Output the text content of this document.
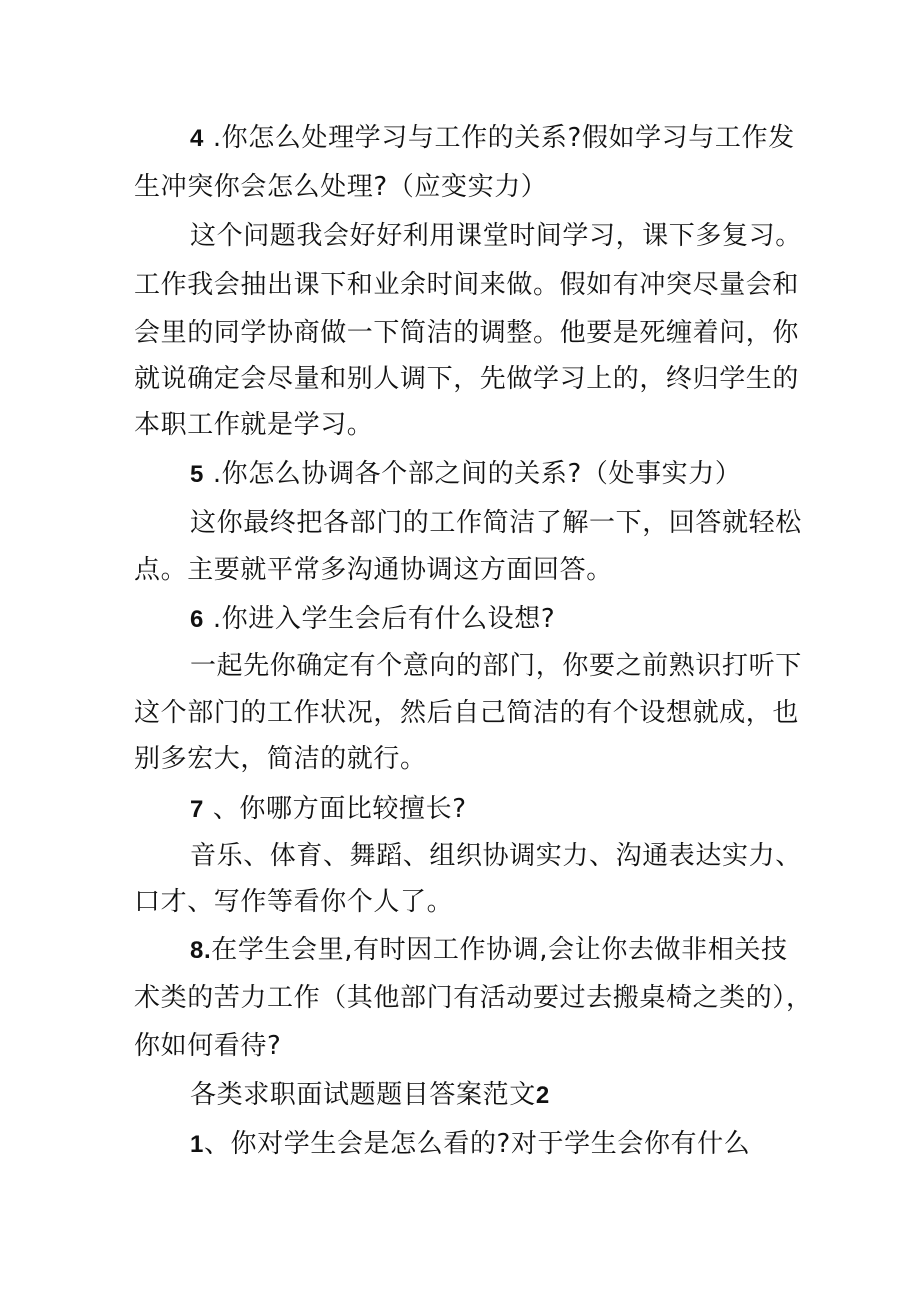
4 .你怎么处理学习与工作的关系?假如学习与工作发
生冲突你会怎么处理?（应变实力）
这个问题我会好好利用课堂时间学习，课下多复习。
工作我会抽出课下和业余时间来做。假如有冲突尽量会和
会里的同学协商做一下简洁的调整。他要是死缠着问，你
就说确定会尽量和别人调下，先做学习上的，终归学生的
本职工作就是学习。
5 .你怎么协调各个部之间的关系?（处事实力）
这你最终把各部门的工作简洁了解一下，回答就轻松
点。主要就平常多沟通协调这方面回答。
6 .你进入学生会后有什么设想?
一起先你确定有个意向的部门，你要之前熟识打听下
这个部门的工作状况，然后自己简洁的有个设想就成，也
别多宏大，简洁的就行。
7 、你哪方面比较擅长?
音乐、体育、舞蹈、组织协调实力、沟通表达实力、
口才、写作等看你个人了。
8.在学生会里,有时因工作协调,会让你去做非相关技
术类的苦力工作（其他部门有活动要过去搬桌椅之类的），
你如何看待?
各类求职面试题题目答案范文2
1、你对学生会是怎么看的?对于学生会你有什么
